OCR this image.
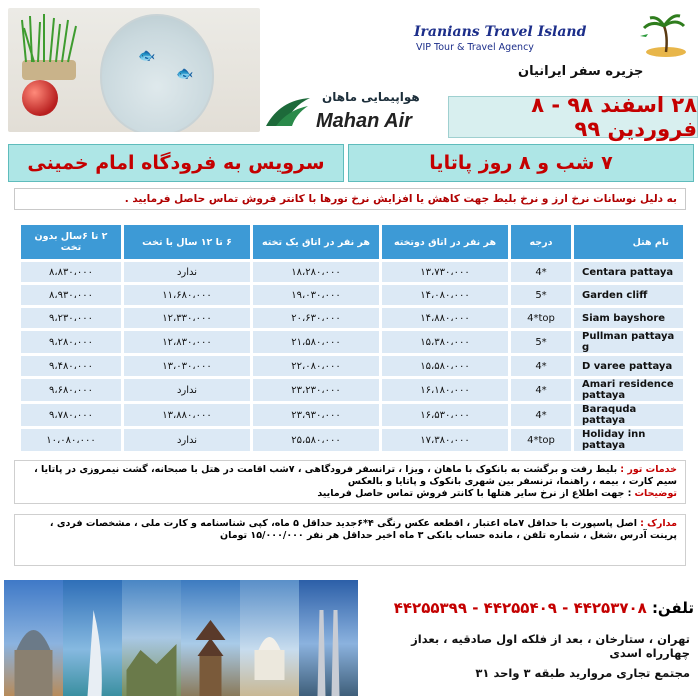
🐟
🐟
Iranians Travel Island
VIP Tour & Travel Agency
جزیره سفر ایرانیان
هواپیمایی ماهان
Mahan Air
۲۸ اسفند ۹۸ - ۸ فروردین ۹۹
۷ شب و ۸ روز پاتایا
سرویس به فرودگاه امام خمینی
به دلیل نوسانات نرخ ارز و نرخ بلیط جهت کاهش یا افزایش نرخ تورها با کانتر فروش تماس حاصل فرمایید .
۲ تا ۶سال بدون تخت	۶ تا ۱۲ سال با تخت	هر نفر در اتاق یک تخته	هر نفر در اتاق دوتخته	درجه	نام هتل
۸،۸۳۰،۰۰۰	ندارد	۱۸،۲۸۰،۰۰۰	۱۳،۷۳۰،۰۰۰	4*	Centara pattaya
۸،۹۳۰،۰۰۰	۱۱،۶۸۰،۰۰۰	۱۹،۰۳۰،۰۰۰	۱۴،۰۸۰،۰۰۰	5*	Garden cliff
۹،۲۳۰،۰۰۰	۱۲،۳۳۰،۰۰۰	۲۰،۶۳۰،۰۰۰	۱۴،۸۸۰،۰۰۰	4*top	Siam bayshore
۹،۲۸۰،۰۰۰	۱۲،۸۳۰،۰۰۰	۲۱،۵۸۰،۰۰۰	۱۵،۳۸۰،۰۰۰	5*	Pullman pattaya g
۹،۴۸۰،۰۰۰	۱۳،۰۳۰،۰۰۰	۲۲،۰۸۰،۰۰۰	۱۵،۵۸۰،۰۰۰	4*	D varee pattaya
۹،۶۸۰،۰۰۰	ندارد	۲۳،۲۳۰،۰۰۰	۱۶،۱۸۰،۰۰۰	4*	Amari residence pattaya
۹،۷۸۰،۰۰۰	۱۳،۸۸۰،۰۰۰	۲۳،۹۳۰،۰۰۰	۱۶،۵۳۰،۰۰۰	4*	Baraquda pattaya
۱۰،۰۸۰،۰۰۰	ندارد	۲۵،۵۸۰،۰۰۰	۱۷،۳۸۰،۰۰۰	4*top	Holiday inn pattaya

خدمات تور : بلیط رفت و برگشت به بانکوک با ماهان ، ویزا ، ترانسفر فرودگاهی ، ۷شب اقامت در هتل با صبحانه، گشت نیمروزی در پاتایا ، سیم کارت ، بیمه ، راهنما، ترنسفر بین شهری بانکوک و پاتایا و بالعکس

توضیحات : جهت اطلاع از نرخ سایر هتلها با کانتر فروش تماس حاصل فرمایید

مدارک : اصل پاسپورت با حداقل ۷ماه اعتبار ، اقطعه عکس رنگی ۴*۶جدید حداقل ۵ ماه، کپی شناسنامه و کارت ملی ، مشخصات فردی ، پرینت آدرس ،شغل ، شماره تلفن ، مانده حساب بانکی ۳ ماه اخیر حداقل هر نفر ۱۵/۰۰۰/۰۰۰ تومان

تلفن: ۴۴۲۵۳۷۰۸ - ۴۴۲۵۵۴۰۹ - ۴۴۲۵۵۳۹۹

تهران ، ستارخان ، بعد از فلکه اول صادقیه ، بعداز چهارراه اسدی

مجتمع تجاری مروارید طبقه ۳ واحد ۳۱
